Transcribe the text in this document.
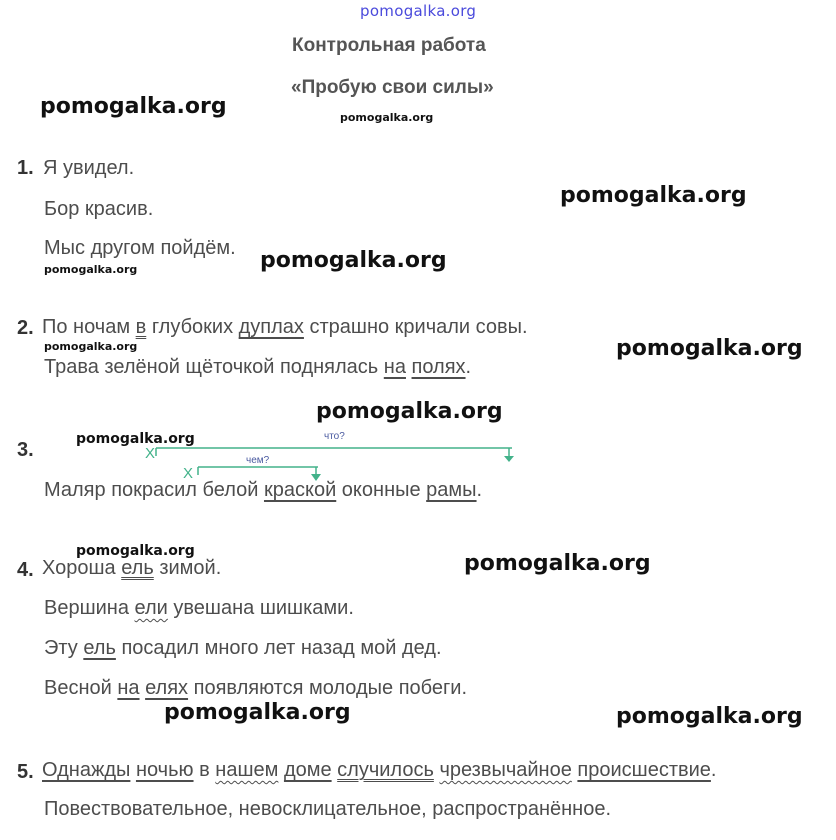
pomogalka.org
pomogalka.org	pomogalka.org
pomogalka.org
pomogalka.org
pomogalka.org
pomogalka.org	pomogalka.org
pomogalka.org
pomogalka.org
pomogalka.org	pomogalka.org
pomogalka.org	pomogalka.org
Контрольная работа
«Пробую свои силы»
1. Я увидел.
Бор красив.
Мыс другом пойдём.
2. По ночам в глубоких дуплах страшно кричали совы.
Трава зелёной щёточкой поднялась на полях.
3.
что?
чем?
X
X
Маляр покрасил белой краской оконные рамы.
4. Хороша ель зимой.
Вершина ели увешана шишками.
Эту ель посадил много лет назад мой дед.
Весной на елях появляются молодые побеги.
5. Однажды ночью в нашем доме случилось чрезвычайное происшествие.
Повествовательное, невосклицательное, распространённое.
